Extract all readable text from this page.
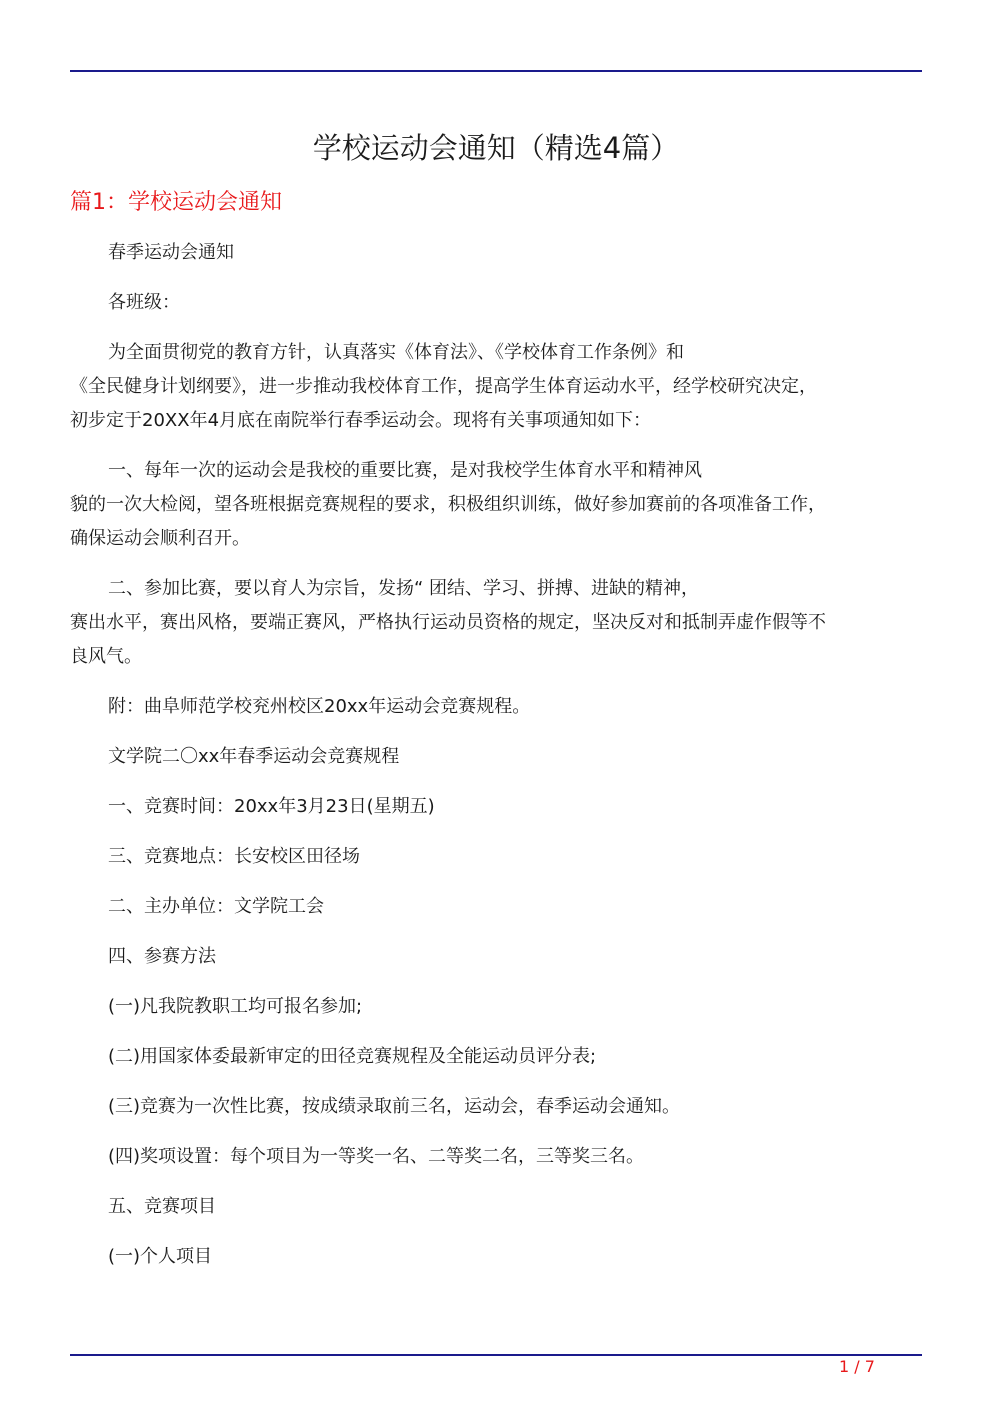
学校运动会通知（精选4篇）
篇1：学校运动会通知

春季运动会通知

各班级：

为全面贯彻党的教育方针，认真落实《体育法》、《学校体育工作条例》和
《全民健身计划纲要》，进一步推动我校体育工作，提高学生体育运动水平，经学校研究决定，
初步定于20XX年4月底在南院举行春季运动会。现将有关事项通知如下：

一、每年一次的运动会是我校的重要比赛，是对我校学生体育水平和精神风
貌的一次大检阅，望各班根据竞赛规程的要求，积极组织训练，做好参加赛前的各项准备工作，
确保运动会顺利召开。

二、参加比赛，要以育人为宗旨，发扬“ 团结、学习、拼搏、进缺的精神，
赛出水平，赛出风格，要端正赛风，严格执行运动员资格的规定，坚决反对和抵制弄虚作假等不
良风气。

附：曲阜师范学校兖州校区20xx年运动会竞赛规程。

文学院二〇xx年春季运动会竞赛规程

一、竞赛时间：20xx年3月23日(星期五)

三、竞赛地点：长安校区田径场

二、主办单位：文学院工会

四、参赛方法

(一)凡我院教职工均可报名参加;

(二)用国家体委最新审定的田径竞赛规程及全能运动员评分表;

(三)竞赛为一次性比赛，按成绩录取前三名，运动会，春季运动会通知。

(四)奖项设置：每个项目为一等奖一名、二等奖二名，三等奖三名。

五、竞赛项目

(一)个人项目

1 / 7
